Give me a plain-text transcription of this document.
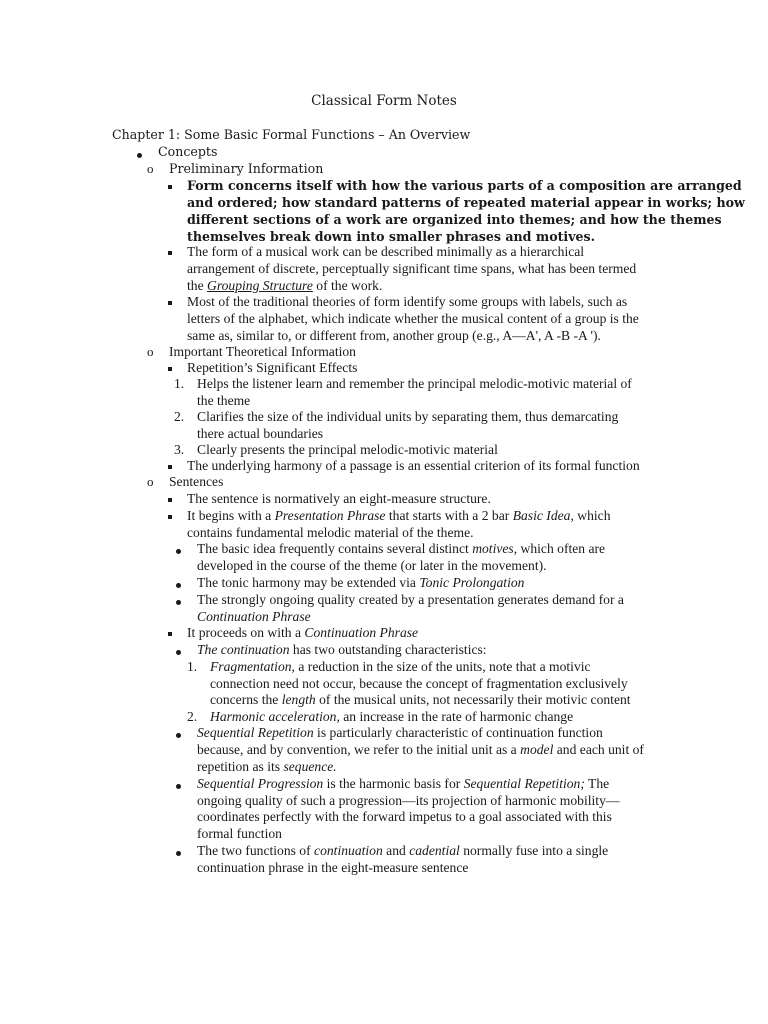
Classical Form Notes
Chapter 1: Some Basic Formal Functions – An Overview
Concepts
o Preliminary Information
Form concerns itself with how the various parts of a composition are arranged
and ordered; how standard patterns of repeated material appear in works; how
different sections of a work are organized into themes; and how the themes
themselves break down into smaller phrases and motives.
The form of a musical work can be described minimally as a hierarchical
arrangement of discrete, perceptually significant time spans, what has been termed
the Grouping Structure of the work.
Most of the traditional theories of form identify some groups with labels, such as
letters of the alphabet, which indicate whether the musical content of a group is the
same as, similar to, or different from, another group (e.g., A—A', A -B -A ').
o Important Theoretical Information
Repetition’s Significant Effects
1. Helps the listener learn and remember the principal melodic-motivic material of
the theme
2. Clarifies the size of the individual units by separating them, thus demarcating
there actual boundaries
3. Clearly presents the principal melodic-motivic material
The underlying harmony of a passage is an essential criterion of its formal function
o Sentences
The sentence is normatively an eight-measure structure.
It begins with a Presentation Phrase that starts with a 2 bar Basic Idea, which
contains fundamental melodic material of the theme.
The basic idea frequently contains several distinct motives, which often are
developed in the course of the theme (or later in the movement).
The tonic harmony may be extended via Tonic Prolongation
The strongly ongoing quality created by a presentation generates demand for a
Continuation Phrase
It proceeds on with a Continuation Phrase
The continuation has two outstanding characteristics:
1. Fragmentation, a reduction in the size of the units, note that a motivic
connection need not occur, because the concept of fragmentation exclusively
concerns the length of the musical units, not necessarily their motivic content
2. Harmonic acceleration, an increase in the rate of harmonic change
Sequential Repetition is particularly characteristic of continuation function
because, and by convention, we refer to the initial unit as a model and each unit of
repetition as its sequence.
Sequential Progression is the harmonic basis for Sequential Repetition; The
ongoing quality of such a progression—its projection of harmonic mobility—
coordinates perfectly with the forward impetus to a goal associated with this
formal function
The two functions of continuation and cadential normally fuse into a single
continuation phrase in the eight-measure sentence
